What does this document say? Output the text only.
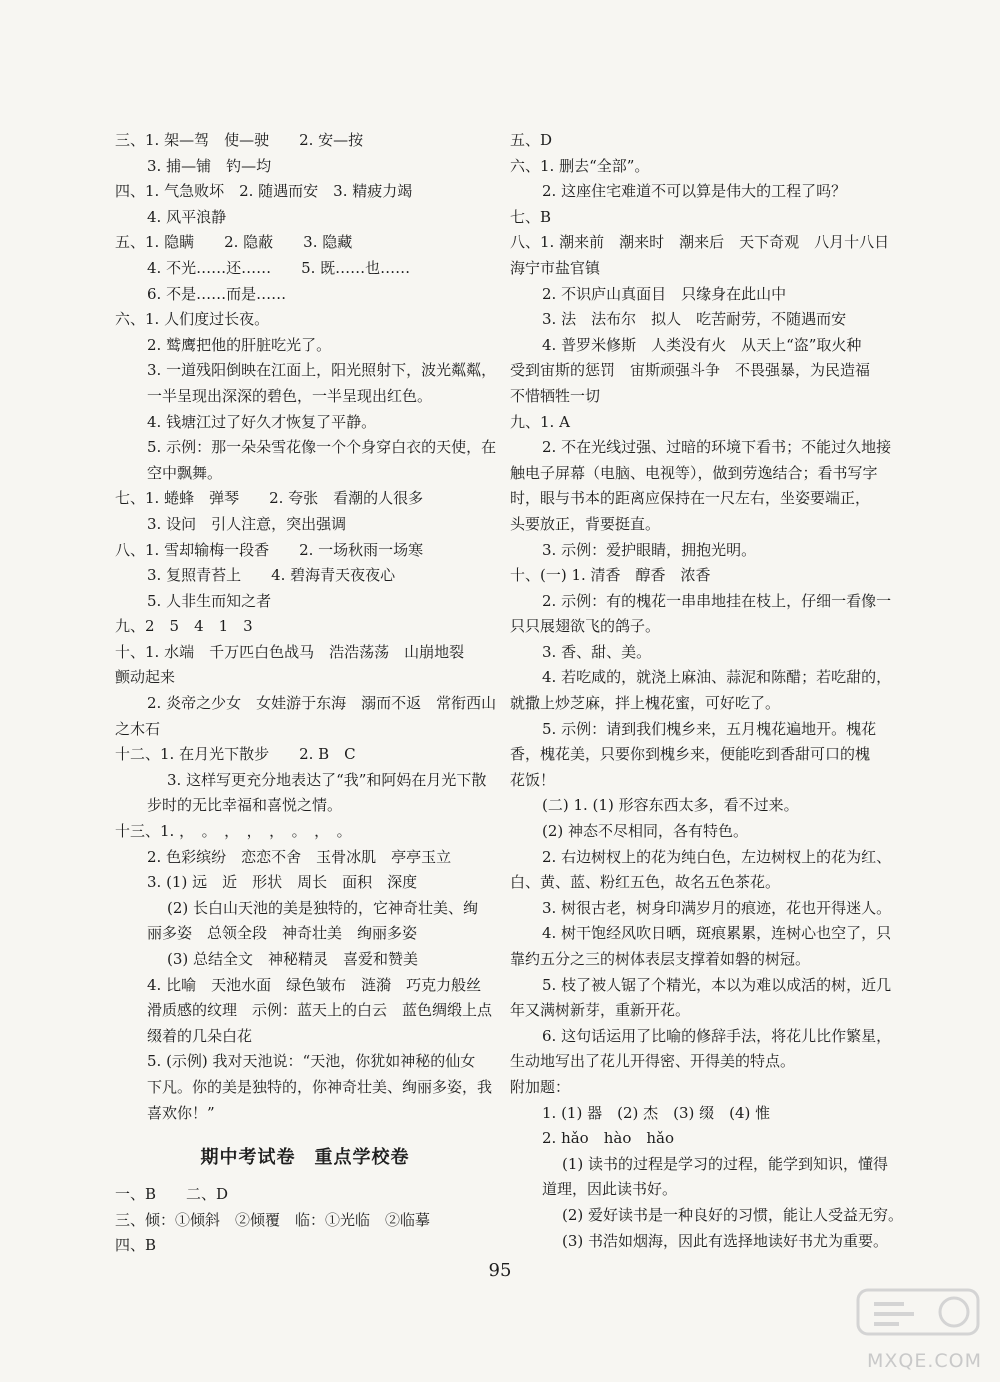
三、1. 架—驾　使—驶　　2. 安—按
3. 捕—铺　钓—均
四、1. 气急败坏　2. 随遇而安　3. 精疲力竭
4. 风平浪静
五、1. 隐瞒　　2. 隐蔽　　3. 隐藏
4. 不光……还……　　5. 既……也……
6. 不是……而是……
六、1. 人们度过长夜。
2. 鹫鹰把他的肝脏吃光了。
3. 一道残阳倒映在江面上，阳光照射下，波光粼粼，
一半呈现出深深的碧色，一半呈现出红色。
4. 钱塘江过了好久才恢复了平静。
5. 示例：那一朵朵雪花像一个个身穿白衣的天使，在
空中飘舞。
七、1. 蜷蜂　弹琴　　2. 夸张　看潮的人很多
3. 设问　引人注意，突出强调
八、1. 雪却输梅一段香　　2. 一场秋雨一场寒
3. 复照青苔上　　4. 碧海青天夜夜心
5. 人非生而知之者
九、2　5　4　1　3
十、1. 水端　千万匹白色战马　浩浩荡荡　山崩地裂
颤动起来
2. 炎帝之少女　女娃游于东海　溺而不返　常衔西山
之木石
十二、1. 在月光下散步　　2. B　C
3. 这样写更充分地表达了“我”和阿妈在月光下散
步时的无比幸福和喜悦之情。
十三、1. ，　。　，　，　，　。　，　。
2. 色彩缤纷　恋恋不舍　玉骨冰肌　亭亭玉立
3. (1) 远　近　形状　周长　面积　深度
(2) 长白山天池的美是独特的，它神奇壮美、绚
丽多姿　总领全段　神奇壮美　绚丽多姿
(3) 总结全文　神秘精灵　喜爱和赞美
4. 比喻　天池水面　绿色皱布　涟漪　巧克力般丝
滑质感的纹理　示例：蓝天上的白云　蓝色绸缎上点
缀着的几朵白花
5. (示例) 我对天池说：“天池，你犹如神秘的仙女
下凡。你的美是独特的，你神奇壮美、绚丽多姿，我
喜欢你！”
期中考试卷　重点学校卷
一、B　　二、D
三、倾：①倾斜　②倾覆　临：①光临　②临摹
四、B
五、D
六、1. 删去“全部”。
2. 这座住宅难道不可以算是伟大的工程了吗？
七、B
八、1. 潮来前　潮来时　潮来后　天下奇观　八月十八日
海宁市盐官镇
2. 不识庐山真面目　只缘身在此山中
3. 法　法布尔　拟人　吃苦耐劳，不随遇而安
4. 普罗米修斯　人类没有火　从天上“盗”取火种
受到宙斯的惩罚　宙斯顽强斗争　不畏强暴，为民造福
不惜牺牲一切
九、1. A
2. 不在光线过强、过暗的环境下看书；不能过久地接
触电子屏幕（电脑、电视等），做到劳逸结合；看书写字
时，眼与书本的距离应保持在一尺左右，坐姿要端正，
头要放正，背要挺直。
3. 示例：爱护眼睛，拥抱光明。
十、(一) 1. 清香　醇香　浓香
2. 示例：有的槐花一串串地挂在枝上，仔细一看像一
只只展翅欲飞的鸽子。
3. 香、甜、美。
4. 若吃咸的，就浇上麻油、蒜泥和陈醋；若吃甜的，
就撒上炒芝麻，拌上槐花蜜，可好吃了。
5. 示例：请到我们槐乡来，五月槐花遍地开。槐花
香，槐花美，只要你到槐乡来，便能吃到香甜可口的槐
花饭！
(二) 1. (1) 形容东西太多，看不过来。
(2) 神态不尽相同，各有特色。
2. 右边树杈上的花为纯白色，左边树杈上的花为红、
白、黄、蓝、粉红五色，故名五色茶花。
3. 树很古老，树身印满岁月的痕迹，花也开得迷人。
4. 树干饱经风吹日晒，斑痕累累，连树心也空了，只
靠约五分之三的树体表层支撑着如磐的树冠。
5. 枝了被人锯了个精光，本以为难以成活的树，近几
年又满树新芽，重新开花。
6. 这句话运用了比喻的修辞手法，将花儿比作繁星，
生动地写出了花儿开得密、开得美的特点。
附加题：
1. (1) 器　(2) 杰　(3) 缀　(4) 惟
2. hǎo　hào　hǎo
(1) 读书的过程是学习的过程，能学到知识，懂得
道理，因此读书好。
(2) 爱好读书是一种良好的习惯，能让人受益无穷。
(3) 书浩如烟海，因此有选择地读好书尤为重要。
95
MXQE.COM
